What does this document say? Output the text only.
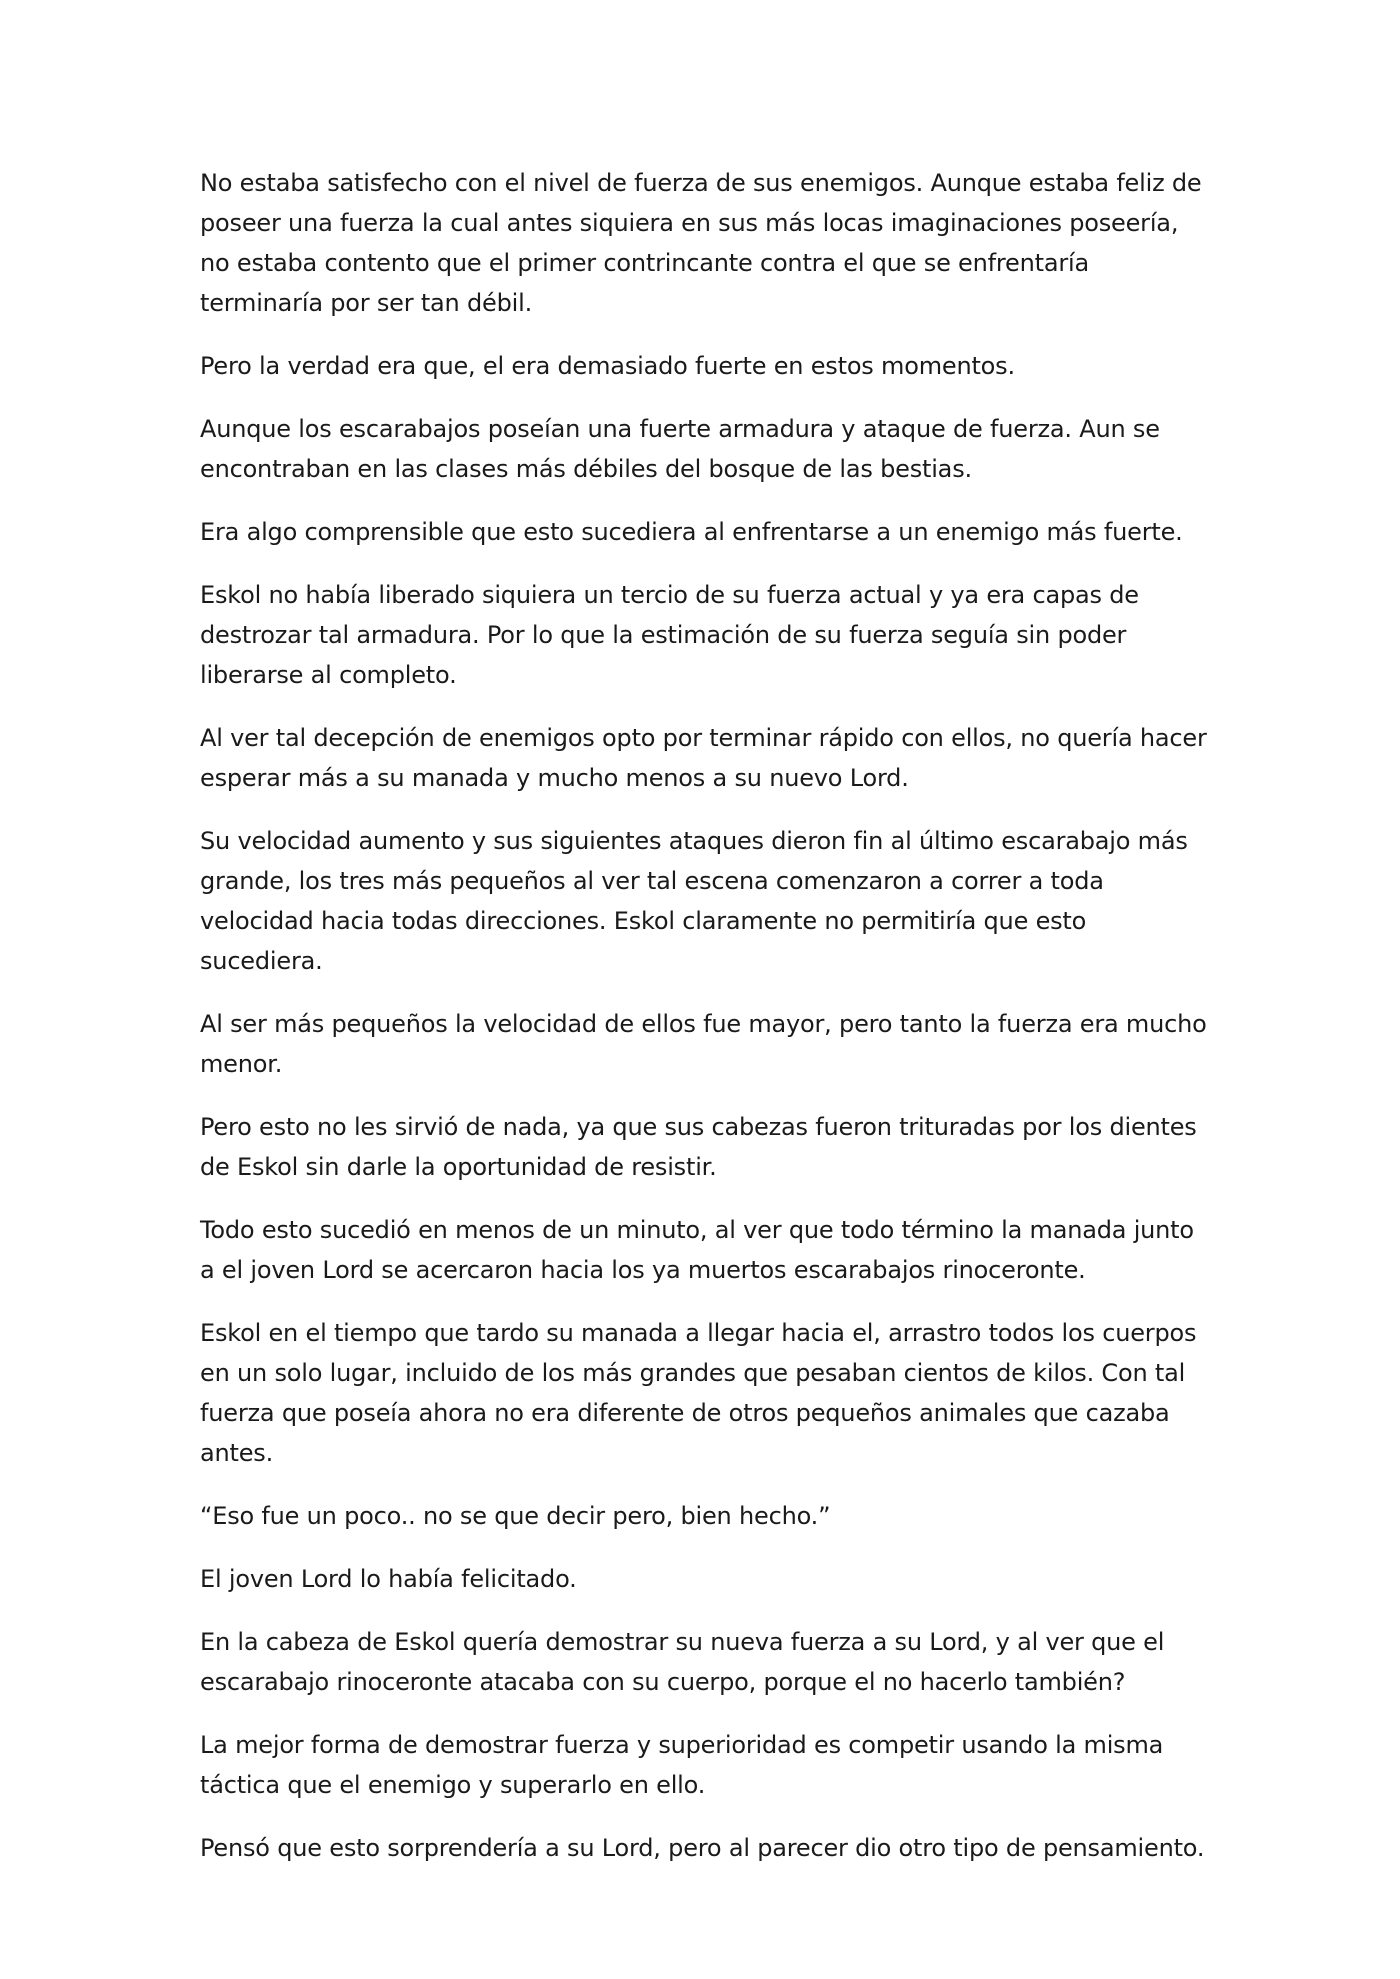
No estaba satisfecho con el nivel de fuerza de sus enemigos. Aunque estaba feliz de poseer una fuerza la cual antes siquiera en sus más locas imaginaciones poseería, no estaba contento que el primer contrincante contra el que se enfrentaría terminaría por ser tan débil.

Pero la verdad era que, el era demasiado fuerte en estos momentos.

Aunque los escarabajos poseían una fuerte armadura y ataque de fuerza. Aun se encontraban en las clases más débiles del bosque de las bestias.

Era algo comprensible que esto sucediera al enfrentarse a un enemigo más fuerte.

Eskol no había liberado siquiera un tercio de su fuerza actual y ya era capas de destrozar tal armadura. Por lo que la estimación de su fuerza seguía sin poder liberarse al completo.

Al ver tal decepción de enemigos opto por terminar rápido con ellos, no quería hacer esperar más a su manada y mucho menos a su nuevo Lord.

Su velocidad aumento y sus siguientes ataques dieron fin al último escarabajo más grande, los tres más pequeños al ver tal escena comenzaron a correr a toda velocidad hacia todas direcciones. Eskol claramente no permitiría que esto sucediera.

Al ser más pequeños la velocidad de ellos fue mayor, pero tanto la fuerza era mucho menor.

Pero esto no les sirvió de nada, ya que sus cabezas fueron trituradas por los dientes de Eskol sin darle la oportunidad de resistir.

Todo esto sucedió en menos de un minuto, al ver que todo término la manada junto a el joven Lord se acercaron hacia los ya muertos escarabajos rinoceronte.

Eskol en el tiempo que tardo su manada a llegar hacia el, arrastro todos los cuerpos en un solo lugar, incluido de los más grandes que pesaban cientos de kilos. Con tal fuerza que poseía ahora no era diferente de otros pequeños animales que cazaba antes.

“Eso fue un poco.. no se que decir pero, bien hecho.”

El joven Lord lo había felicitado.

En la cabeza de Eskol quería demostrar su nueva fuerza a su Lord, y al ver que el escarabajo rinoceronte atacaba con su cuerpo, porque el no hacerlo también?

La mejor forma de demostrar fuerza y superioridad es competir usando la misma táctica que el enemigo y superarlo en ello.

Pensó que esto sorprendería a su Lord, pero al parecer dio otro tipo de pensamiento.
